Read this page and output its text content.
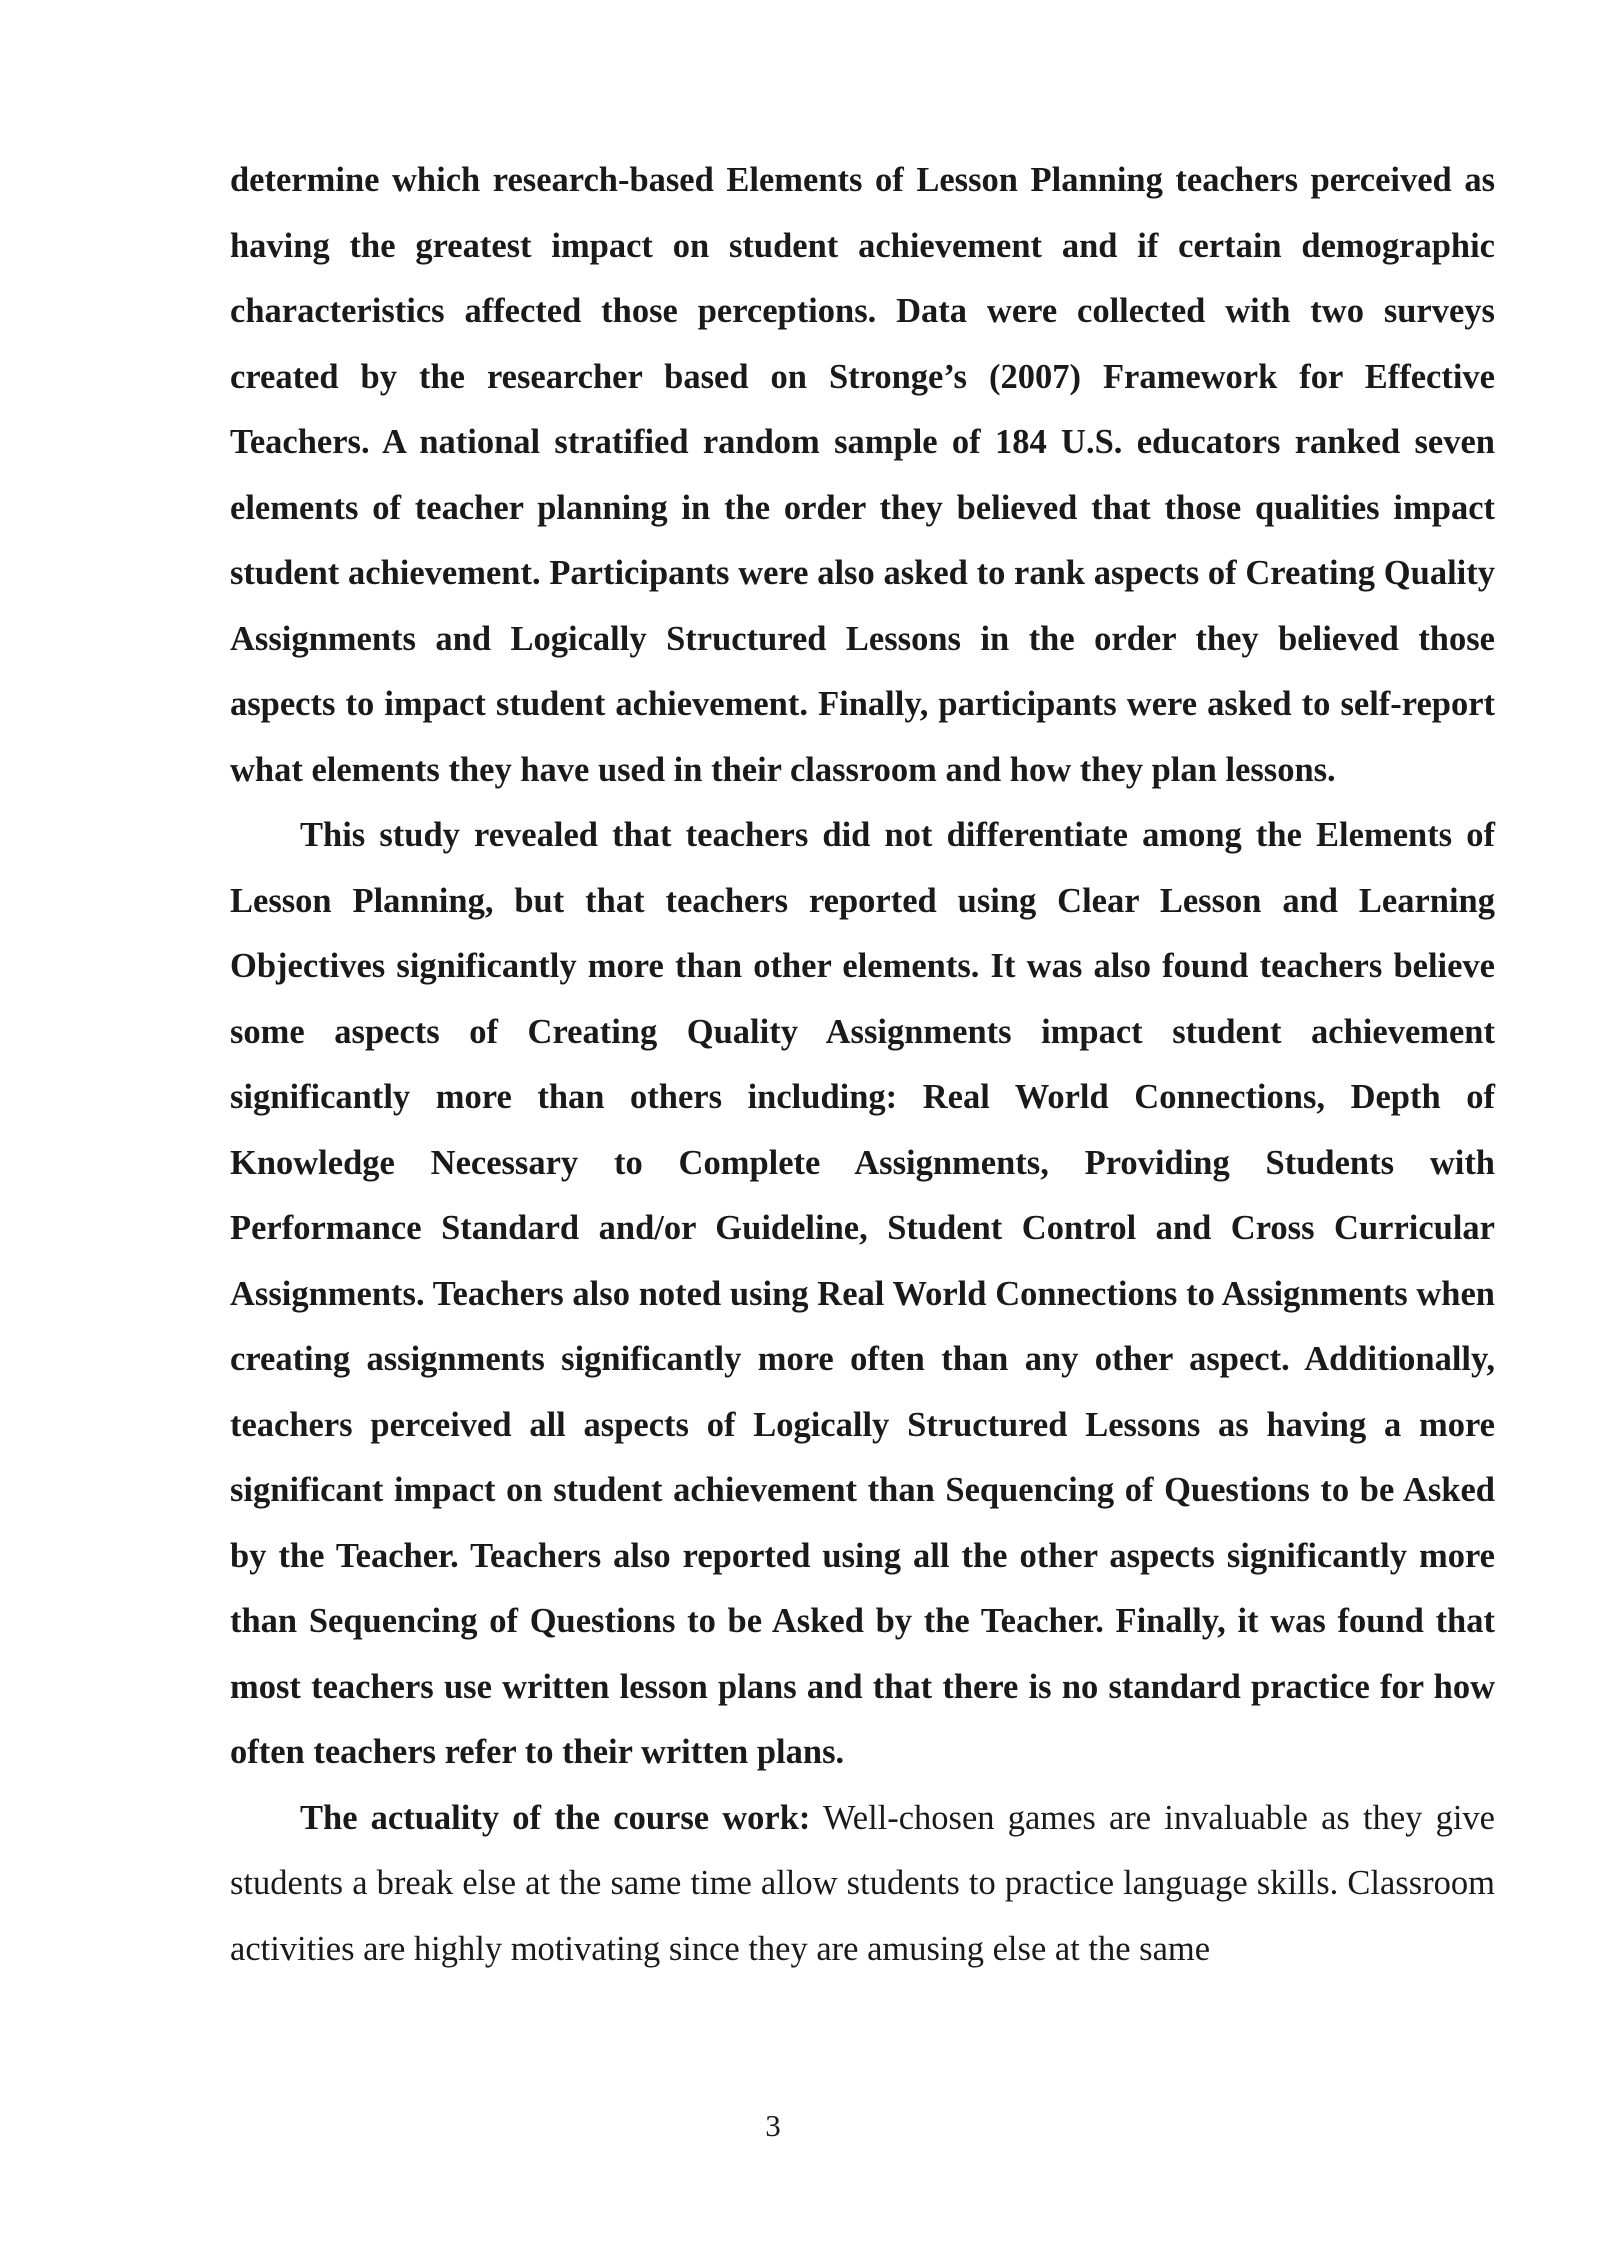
determine which research-based Elements of Lesson Planning teachers perceived as having the greatest impact on student achievement and if certain demographic characteristics affected those perceptions. Data were collected with two surveys created by the researcher based on Stronge’s (2007) Framework for Effective Teachers. A national stratified random sample of 184 U.S. educators ranked seven elements of teacher planning in the order they believed that those qualities impact student achievement. Participants were also asked to rank aspects of Creating Quality Assignments and Logically Structured Lessons in the order they believed those aspects to impact student achievement. Finally, participants were asked to self-report what elements they have used in their classroom and how they plan lessons.

This study revealed that teachers did not differentiate among the Elements of Lesson Planning, but that teachers reported using Clear Lesson and Learning Objectives significantly more than other elements. It was also found teachers believe some aspects of Creating Quality Assignments impact student achievement significantly more than others including: Real World Connections, Depth of Knowledge Necessary to Complete Assignments, Providing Students with Performance Standard and/or Guideline, Student Control and Cross Curricular Assignments. Teachers also noted using Real World Connections to Assignments when creating assignments significantly more often than any other aspect. Additionally, teachers perceived all aspects of Logically Structured Lessons as having a more significant impact on student achievement than Sequencing of Questions to be Asked by the Teacher. Teachers also reported using all the other aspects significantly more than Sequencing of Questions to be Asked by the Teacher. Finally, it was found that most teachers use written lesson plans and that there is no standard practice for how often teachers refer to their written plans.

The actuality of the course work: Well-chosen games are invaluable as they give students a break else at the same time allow students to practice language skills. Classroom activities are highly motivating since they are amusing else at the same

3
